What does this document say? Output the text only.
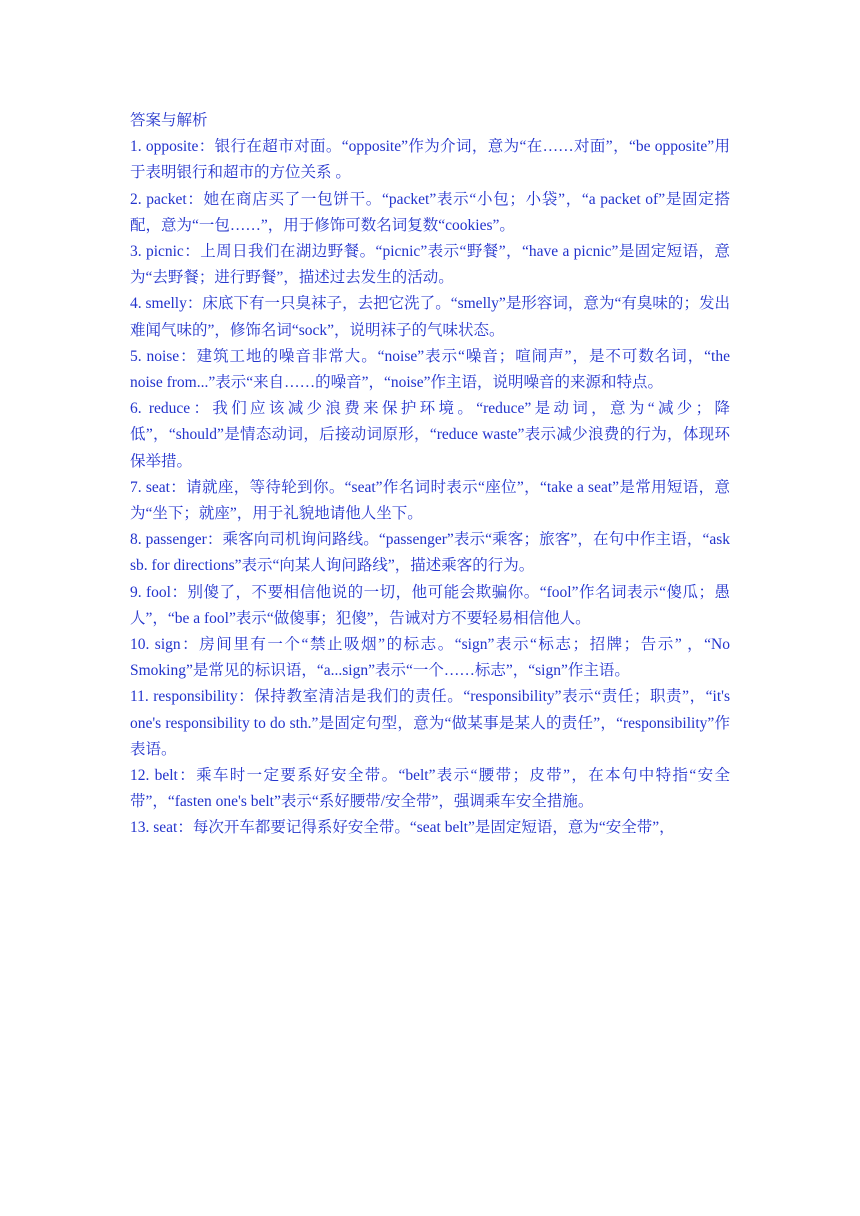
答案与解析

1. opposite：银行在超市对面。“opposite”作为介词，意为“在……对面”，“be opposite”用于表明银行和超市的方位关系 。

2. packet：她在商店买了一包饼干。“packet”表示“小包；小袋”，“a packet of”是固定搭配，意为“一包……”，用于修饰可数名词复数“cookies”。

3. picnic：上周日我们在湖边野餐。“picnic”表示“野餐”，“have a picnic”是固定短语，意为“去野餐；进行野餐”，描述过去发生的活动。

4. smelly：床底下有一只臭袜子，去把它洗了。“smelly”是形容词，意为“有臭味的；发出难闻气味的”，修饰名词“sock”，说明袜子的气味状态。

5. noise：建筑工地的噪音非常大。“noise”表示“噪音；喧闹声”，是不可数名词，“the noise from...”表示“来自……的噪音”，“noise”作主语，说明噪音的来源和特点。

6. reduce：我们应该减少浪费来保护环境。“reduce”是动词，意为“减少；降低”，“should”是情态动词，后接动词原形，“reduce waste”表示减少浪费的行为，体现环保举措。

7. seat：请就座，等待轮到你。“seat”作名词时表示“座位”，“take a seat”是常用短语，意为“坐下；就座”，用于礼貌地请他人坐下。

8. passenger：乘客向司机询问路线。“passenger”表示“乘客；旅客”，在句中作主语，“ask sb. for directions”表示“向某人询问路线”，描述乘客的行为。

9. fool：别傻了，不要相信他说的一切，他可能会欺骗你。“fool”作名词表示“傻瓜；愚人”，“be a fool”表示“做傻事；犯傻”，告诫对方不要轻易相信他人。

10. sign：房间里有一个“禁止吸烟”的标志。“sign”表示“标志；招牌；告示” ，“No Smoking”是常见的标识语，“a...sign”表示“一个……标志”，“sign”作主语。

11. responsibility：保持教室清洁是我们的责任。“responsibility”表示“责任；职责”，“it's one's responsibility to do sth.”是固定句型，意为“做某事是某人的责任”，“responsibility”作表语。

12. belt：乘车时一定要系好安全带。“belt”表示“腰带；皮带”，在本句中特指“安全带”，“fasten one's belt”表示“系好腰带/安全带”，强调乘车安全措施。

13. seat：每次开车都要记得系好安全带。“seat belt”是固定短语，意为“安全带”，
